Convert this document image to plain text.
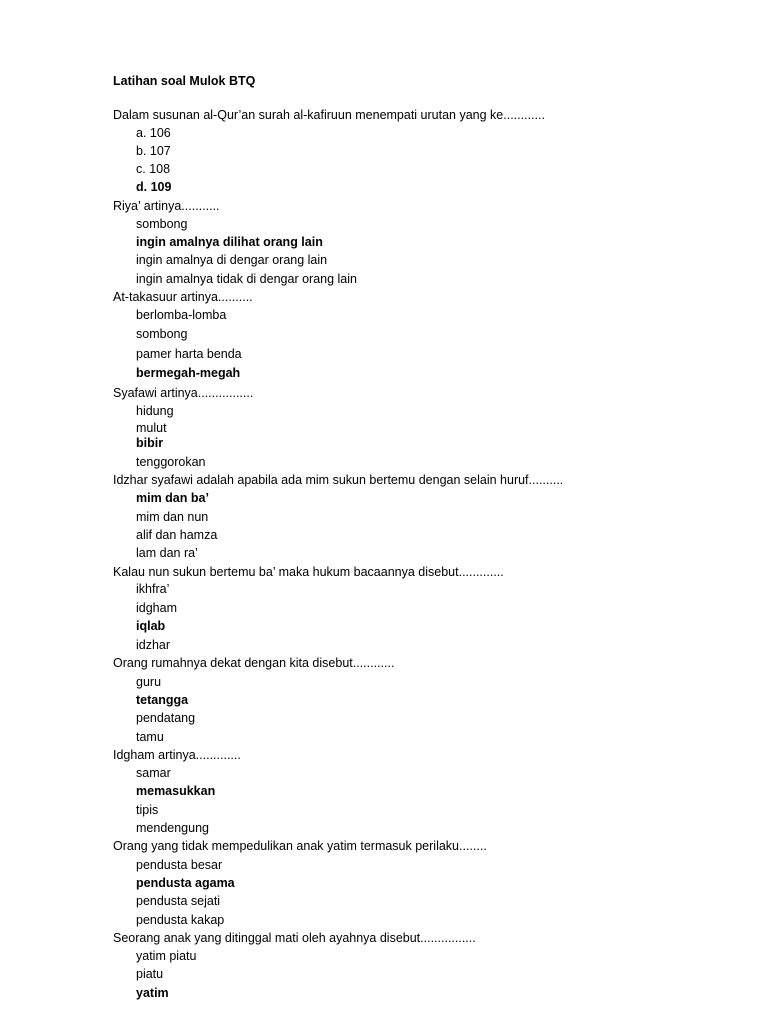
Latihan soal Mulok BTQ
Dalam susunan al-Qur’an surah al-kafiruun menempati urutan yang ke............
a. 106
b. 107
c. 108
d. 109
Riya’ artinya...........
sombong
ingin amalnya dilihat orang lain
ingin amalnya di dengar orang lain
ingin amalnya tidak di dengar orang lain
At-takasuur artinya..........
berlomba-lomba
sombong
pamer harta benda
bermegah-megah
Syafawi artinya................
hidung
mulut
bibir
tenggorokan
Idzhar syafawi adalah apabila ada mim sukun bertemu dengan selain huruf..........
mim dan ba’
mim dan nun
alif dan hamza
lam dan ra’
Kalau nun sukun bertemu ba’ maka hukum bacaannya disebut.............
ikhfra’
idgham
iqlab
idzhar
Orang rumahnya dekat dengan kita disebut............
guru
tetangga
pendatang
tamu
Idgham artinya.............
samar
memasukkan
tipis
mendengung
Orang yang tidak mempedulikan anak yatim termasuk perilaku........
pendusta besar
pendusta agama
pendusta sejati
pendusta kakap
Seorang anak yang ditinggal mati oleh ayahnya disebut................
yatim piatu
piatu
yatim
